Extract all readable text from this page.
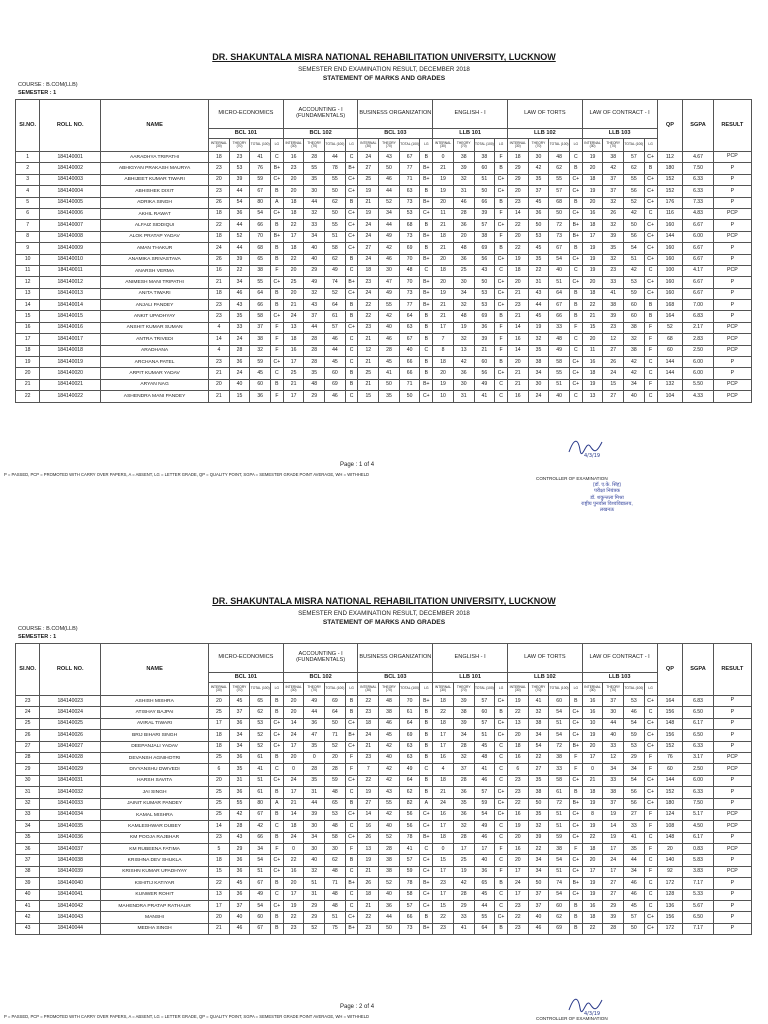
DR. SHAKUNTALA MISRA NATIONAL REHABILITATION UNIVERSITY, LUCKNOW
SEMESTER END EXAMINATION RESULT, DECEMBER 2018
STATEMENT OF MARKS AND GRADES
COURSE : B.COM(LLB)
SEMESTER : 1
Sl.NO.	ROLL NO.	NAME	MICRO-ECONOMICS				ACCOUNTING - I (FUNDAMENTALS)				BUSINESS ORGANIZATION				ENGLISH - I				LAW OF TORTS				LAW OF CONTRACT - I				QP	SGPA	RESULT
			BCL 101				BCL 102				BCL 103				LLB 101				LLB 102				LLB 103						
			INTERNAL (30)	THEORY (70)	TOTAL (100)	LG	INTERNAL (30)	THEORY (70)	TOTAL (100)	LG	INTERNAL (30)	THEORY (70)	TOTAL (100)	LG	INTERNAL (30)	THEORY (70)	TOTAL (100)	LG	INTERNAL (30)	THEORY (70)	TOTAL (100)	LG	INTERNAL (30)	THEORY (70)	TOTAL (100)	LG			
1	184140001	AARADHYA TRIPATHI	18	23	41	C	16	28	44	C	24	43	67	B	0	38	38	F	18	30	48	C	19	38	57	C+	112	4.67	PCP
2	184140002	ABHIGYAN PRAKASH MAURYA	23	53	76	B+	23	55	78	B+	27	50	77	B+	21	39	60	B	29	42	62	B	20	42	62	B	180	7.50	P
3	184140003	ABHIJEET KUMAR TIWARI	20	39	59	C+	20	35	55	C+	25	46	71	B+	19	32	51	C+	29	35	55	C+	18	37	55	C+	152	6.33	P
4	184140004	ABHISHEK DIXIT	23	44	67	B	20	30	50	C+	19	44	63	B	19	31	50	C+	20	37	57	C+	19	37	56	C+	152	6.33	P
5	184140005	ADRIKA SINGH	26	54	80	A	18	44	62	B	21	52	73	B+	20	46	66	B	23	45	68	B	20	32	52	C+	176	7.33	P
6	184140006	AKHIL RAWAT	18	36	54	C+	18	32	50	C+	19	34	53	C+	11	28	39	F	14	36	50	C+	16	26	42	C	116	4.83	PCP
7	184140007	ALFAIZ SIDDIQUI	22	44	66	B	22	33	55	C+	24	44	68	B	21	36	57	C+	22	50	72	B+	18	32	50	C+	160	6.67	P
8	184140008	ALOK PRATAP YADAV	18	52	70	B+	17	34	51	C+	24	49	73	B+	18	20	38	F	20	53	73	B+	17	39	56	C+	144	6.00	PCP
9	184140009	AMAN THAKUR	24	44	68	B	18	40	58	C+	27	42	69	B	21	48	69	B	22	45	67	B	19	35	54	C+	160	6.67	P
10	184140010	ANAMIKA SRIVASTAVA	26	39	65	B	22	40	62	B	24	46	70	B+	20	36	56	C+	19	35	54	C+	19	32	51	C+	160	6.67	P
11	184140011	ANARSH VERMA	16	22	38	F	20	29	49	C	18	30	48	C	18	25	43	C	18	22	40	C	19	23	42	C	100	4.17	PCP
12	184140012	ANIMESH MANI TRIPATHI	21	34	55	C+	25	49	74	B+	23	47	70	B+	20	30	50	C+	20	31	51	C+	20	33	53	C+	160	6.67	P
13	184140013	ANITA TIWARI	18	46	64	B	20	32	52	C+	24	49	73	B+	19	34	53	C+	21	43	64	B	18	41	59	C+	160	6.67	P
14	184140014	ANJALI PANDEY	23	43	66	B	21	43	64	B	22	55	77	B+	21	32	53	C+	23	44	67	B	22	38	60	B	168	7.00	P
15	184140015	ANKIT UPADHYAY	23	35	58	C+	24	37	61	B	22	42	64	B	21	48	69	B	21	45	66	B	21	39	60	B	164	6.83	P
16	184140016	ANSHIT KUMAR SUMAN	4	33	37	F	13	44	57	C+	23	40	63	B	17	19	36	F	14	19	33	F	15	23	38	F	52	2.17	PCP
17	184140017	ANTRA TRIVEDI	14	24	38	F	18	28	46	C	21	46	67	B	7	32	39	F	16	32	48	C	20	12	32	F	68	2.83	PCP
18	184140018	ARADHANA	4	28	32	F	16	28	44	C	12	28	40	C	8	13	21	F	14	35	49	C	11	27	38	F	60	2.50	PCP
19	184140019	ARCHANA PATEL	23	36	59	C+	17	28	45	C	21	45	66	B	18	42	60	B	20	38	58	C+	16	26	42	C	144	6.00	P
20	184140020	ARPIT KUMAR YADAV	21	24	45	C	25	35	60	B	25	41	66	B	20	36	56	C+	21	34	55	C+	18	24	42	C	144	6.00	P
21	184140021	ARYAN NAG	20	40	60	B	21	48	69	B	21	50	71	B+	19	30	49	C	21	30	51	C+	19	15	34	F	132	5.50	PCP
22	184140022	ASHENDRA MANI PANDEY	21	15	36	F	17	29	46	C	15	35	50	C+	10	31	41	C	16	24	40	C	13	27	40	C	104	4.33	PCP
Page : 1 of 4
P = PASSED, PCP = PROMOTED WITH CARRY OVER PAPERS, A = ABSENT, LG = LETTER GRADE, QP = QUALITY POINT, SGPA = SEMESTER GRADE POINT AVERAGE, WH = WITHHELD
4/3/19
CONTROLLER OF EXAMINATION
(डॉ. ए.के. सिंह)
परीक्षा नियंत्रक
डॉ. शकुन्तला मिश्रा
राष्ट्रीय पुनर्वास विश्वविद्यालय,
लखनऊ
DR. SHAKUNTALA MISRA NATIONAL REHABILITATION UNIVERSITY, LUCKNOW
SEMESTER END EXAMINATION RESULT, DECEMBER 2018
STATEMENT OF MARKS AND GRADES
COURSE : B.COM(LLB)
SEMESTER : 1
Sl.NO.	ROLL NO.	NAME	MICRO-ECONOMICS				ACCOUNTING - I (FUNDAMENTALS)				BUSINESS ORGANIZATION				ENGLISH - I				LAW OF TORTS				LAW OF CONTRACT - I				QP	SGPA	RESULT
			BCL 101				BCL 102				BCL 103				LLB 101				LLB 102				LLB 103						
			INTERNAL (30)	THEORY (70)	TOTAL (100)	LG	INTERNAL (30)	THEORY (70)	TOTAL (100)	LG	INTERNAL (30)	THEORY (70)	TOTAL (100)	LG	INTERNAL (30)	THEORY (70)	TOTAL (100)	LG	INTERNAL (30)	THEORY (70)	TOTAL (100)	LG	INTERNAL (30)	THEORY (70)	TOTAL (100)	LG			
23	184140023	ASHISH MISHRA	20	45	65	B	20	49	69	B	22	48	70	B+	18	39	57	C+	19	41	60	B	16	37	53	C+	164	6.83	P
24	184140024	ATISHAY BAJPAI	25	37	62	B	20	44	64	B	23	38	61	B	22	38	60	B	22	32	54	C+	16	30	46	C	156	6.50	P
25	184140025	AVIRAL TIWARI	17	36	53	C+	14	36	50	C+	18	46	64	B	18	39	57	C+	13	38	51	C+	10	44	54	C+	148	6.17	P
26	184140026	BRIJ BIHARI SINGH	18	34	52	C+	24	47	71	B+	24	45	69	B	17	34	51	C+	20	34	54	C+	19	40	59	C+	156	6.50	P
27	184140027	DEEPANJALI YADAV	18	34	52	C+	17	35	52	C+	21	42	63	B	17	28	45	C	18	54	72	B+	20	33	53	C+	152	6.33	P
28	184140028	DEVANSH AGNIHOTRI	25	36	61	B	20	0	20	F	23	40	63	B	16	32	48	C	16	22	38	F	17	12	29	F	76	3.17	PCP
29	184140029	DIVYANSHU DWIVEDI	6	35	41	C	0	28	28	F	7	42	49	C	4	37	41	C	6	27	33	F	0	34	34	F	60	2.50	PCP
30	184140031	HARSH SAVITA	20	31	51	C+	24	35	59	C+	22	42	64	B	18	28	46	C	23	35	58	C+	21	33	54	C+	144	6.00	P
31	184140032	JAI SINGH	25	36	61	B	17	31	48	C	19	43	62	B	21	36	57	C+	23	38	61	B	18	38	56	C+	152	6.33	P
32	184140033	JAINIT KUMAR PANDEY	25	55	80	A	21	44	65	B	27	55	82	A	24	35	59	C+	22	50	72	B+	19	37	56	C+	180	7.50	P
33	184140034	KAMAL MISHRA	25	42	67	B	14	39	53	C+	14	42	56	C+	16	36	54	C+	16	35	51	C+	8	19	27	F	124	5.17	PCP
34	184140035	KAMLESHWAR DUBEY	14	28	42	C	18	30	48	C	16	40	56	C+	17	32	49	C	19	32	51	C+	19	14	33	F	108	4.50	PCP
35	184140036	KM POOJA RAJBHAR	23	43	66	B	24	34	58	C+	26	52	78	B+	18	28	46	C	20	39	59	C+	22	19	41	C	148	6.17	P
36	184140037	KM RUBEENA FATIMA	5	29	34	F	0	30	30	F	13	28	41	C	0	17	17	F	16	22	38	F	18	17	35	F	20	0.83	PCP
37	184140038	KRISHNA DEV SHUKLA	18	36	54	C+	22	40	62	B	19	38	57	C+	15	25	40	C	20	34	54	C+	20	24	44	C	140	5.83	P
38	184140039	KRISHN KUMAR UPADHYAY	15	36	51	C+	16	32	48	C	21	38	59	C+	17	19	36	F	17	34	51	C+	17	17	34	F	92	3.83	PCP
39	184140040	KSHITIJ KATIYAR	22	45	67	B	20	51	71	B+	26	52	78	B+	23	42	65	B	24	50	74	B+	19	27	46	C	172	7.17	P
40	184140041	KUNWER ROHIT	13	36	49	C	17	31	48	C	18	40	58	C+	17	28	45	C	17	37	54	C+	19	27	46	C	128	5.33	P
41	184140042	MAHENDRA PRATAP RATHAUR	17	37	54	C+	19	29	48	C	21	36	57	C+	15	29	44	C	23	37	60	B	16	29	45	C	136	5.67	P
42	184140043	MANSHI	20	40	60	B	22	29	51	C+	22	44	66	B	22	33	55	C+	22	40	62	B	18	39	57	C+	156	6.50	P
43	184140044	MEDHA SINGH	21	46	67	B	23	52	75	B+	23	50	73	B+	23	41	64	B	23	46	69	B	22	28	50	C+	172	7.17	P
Page : 2 of 4
P = PASSED, PCP = PROMOTED WITH CARRY OVER PAPERS, A = ABSENT, LG = LETTER GRADE, QP = QUALITY POINT, SGPA = SEMESTER GRADE POINT AVERAGE, WH = WITHHELD	4/3/19
CONTROLLER OF EXAMINATION
